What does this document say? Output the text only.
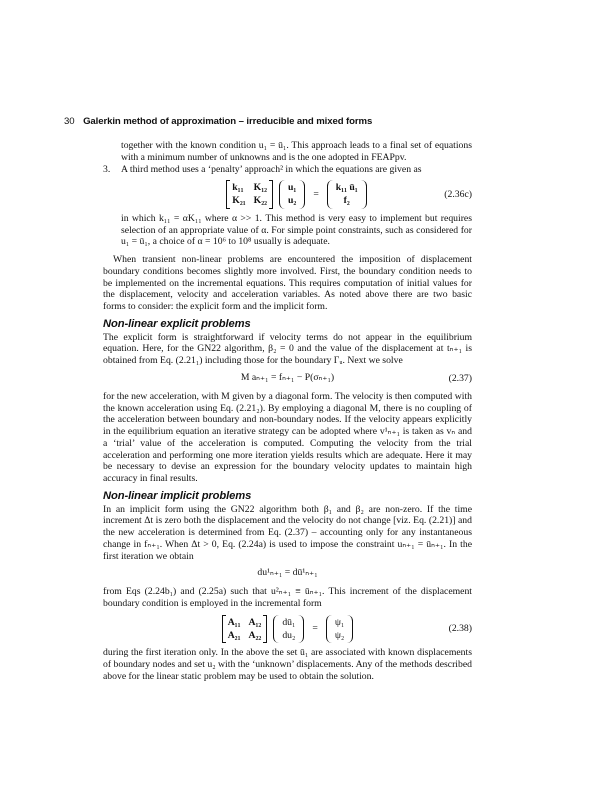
30 Galerkin method of approximation – irreducible and mixed forms

together with the known condition u₁ = ū₁. This approach leads to a final set of equations with a minimum number of unknowns and is the one adopted in FEAPpv.

3. A third method uses a ‘penalty’ approach² in which the equations are given as

k₁₁ K₁₂
K₂₁ K₂₂
u₁
u₂
=
k₁₁ ū₁
f₂
(2.36c)

in which k₁₁ = αK₁₁ where α >> 1. This method is very easy to implement but requires selection of an appropriate value of α. For simple point constraints, such as considered for u₁ = ū₁, a choice of α = 10⁶ to 10⁸ usually is adequate.

When transient non-linear problems are encountered the imposition of displacement boundary conditions becomes slightly more involved. First, the boundary condition needs to be implemented on the incremental equations. This requires computation of initial values for the displacement, velocity and acceleration variables. As noted above there are two basic forms to consider: the explicit form and the implicit form.

Non-linear explicit problems

The explicit form is straightforward if velocity terms do not appear in the equilibrium equation. Here, for the GN22 algorithm, β₂ = 0 and the value of the displacement at tₙ₊₁ is obtained from Eq. (2.21₁) including those for the boundary Γᵤ. Next we solve

M aₙ₊₁ = fₙ₊₁ − P(σₙ₊₁)	(2.37)

for the new acceleration, with M given by a diagonal form. The velocity is then computed with the known acceleration using Eq. (2.21₂). By employing a diagonal M, there is no coupling of the acceleration between boundary and non-boundary nodes. If the velocity appears explicitly in the equilibrium equation an iterative strategy can be adopted where v¹ₙ₊₁ is taken as vₙ and a ‘trial’ value of the acceleration is computed. Computing the velocity from the trial acceleration and performing one more iteration yields results which are adequate. Here it may be necessary to devise an expression for the boundary velocity updates to maintain high accuracy in final results.

Non-linear implicit problems

In an implicit form using the GN22 algorithm both β₁ and β₂ are non-zero. If the time increment Δt is zero both the displacement and the velocity do not change [viz. Eq. (2.21)] and the new acceleration is determined from Eq. (2.37) – accounting only for any instantaneous change in fₙ₊₁. When Δt > 0, Eq. (2.24a) is used to impose the constraint uₙ₊₁ = ūₙ₊₁. In the first iteration we obtain

du¹ₙ₊₁ = dū¹ₙ₊₁

from Eqs (2.24b₁) and (2.25a) such that u²ₙ₊₁ ≡ ūₙ₊₁. This increment of the displacement boundary condition is employed in the incremental form

A₁₁ A₁₂
A₂₁ A₂₂
dū₁
du₂
=
ψ₁
ψ₂
(2.38)

during the first iteration only. In the above the set ū₁ are associated with known displacements of boundary nodes and set u₂ with the ‘unknown’ displacements. Any of the methods described above for the linear static problem may be used to obtain the solution.
